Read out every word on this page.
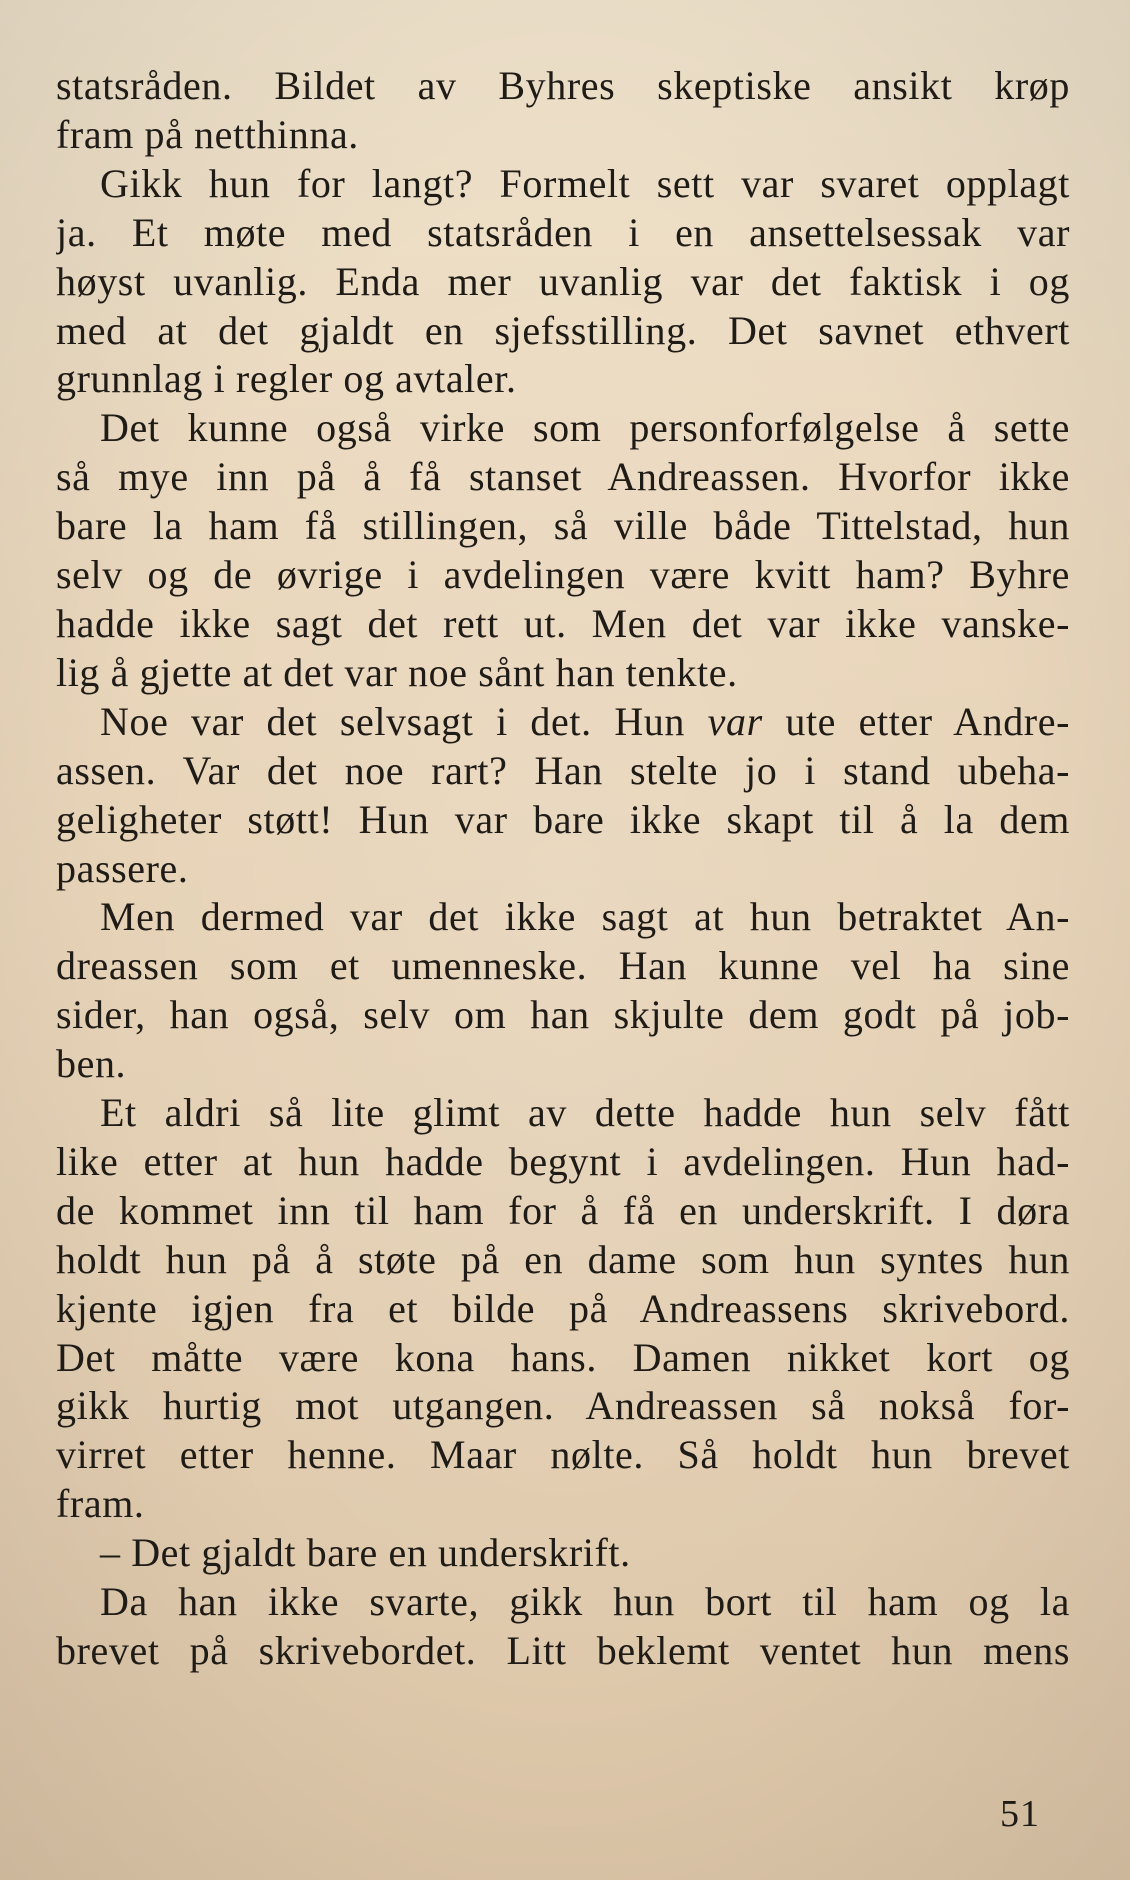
statsråden. Bildet av Byhres skeptiske ansikt krøp
fram på netthinna.
Gikk hun for langt? Formelt sett var svaret opplagt
ja. Et møte med statsråden i en ansettelsessak var
høyst uvanlig. Enda mer uvanlig var det faktisk i og
med at det gjaldt en sjefsstilling. Det savnet ethvert
grunnlag i regler og avtaler.
Det kunne også virke som personforfølgelse å sette
så mye inn på å få stanset Andreassen. Hvorfor ikke
bare la ham få stillingen, så ville både Tittelstad, hun
selv og de øvrige i avdelingen være kvitt ham? Byhre
hadde ikke sagt det rett ut. Men det var ikke vanske-
lig å gjette at det var noe sånt han tenkte.
Noe var det selvsagt i det. Hun var ute etter Andre-
assen. Var det noe rart? Han stelte jo i stand ubeha-
geligheter støtt! Hun var bare ikke skapt til å la dem
passere.
Men dermed var det ikke sagt at hun betraktet An-
dreassen som et umenneske. Han kunne vel ha sine
sider, han også, selv om han skjulte dem godt på job-
ben.
Et aldri så lite glimt av dette hadde hun selv fått
like etter at hun hadde begynt i avdelingen. Hun had-
de kommet inn til ham for å få en underskrift. I døra
holdt hun på å støte på en dame som hun syntes hun
kjente igjen fra et bilde på Andreassens skrivebord.
Det måtte være kona hans. Damen nikket kort og
gikk hurtig mot utgangen. Andreassen så nokså for-
virret etter henne. Maar nølte. Så holdt hun brevet
fram.
– Det gjaldt bare en underskrift.
Da han ikke svarte, gikk hun bort til ham og la
brevet på skrivebordet. Litt beklemt ventet hun mens
51
